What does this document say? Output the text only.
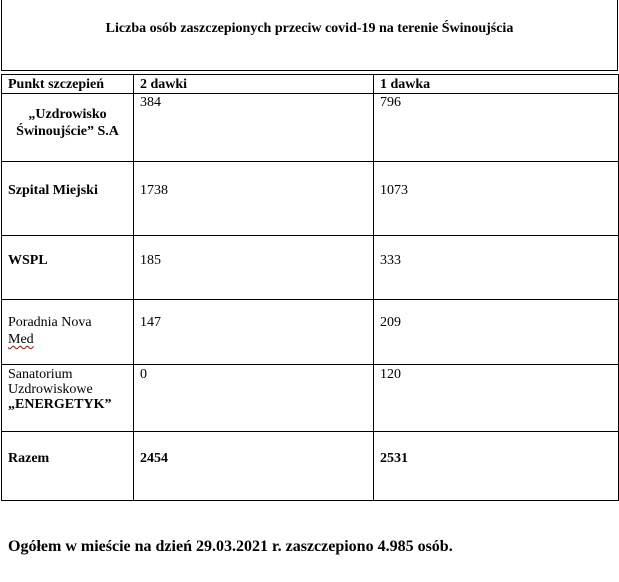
Liczba osób zaszczepionych przeciw covid-19 na terenie Świnoujścia
Punkt szczepień	2 dawki	1 dawka

„Uzdrowisko
Świnoujście” S.A	384	796

Szpital Miejski	1738	1073

WSPL	185	333

Poradnia Nova
Med	147	209

Sanatorium
Uzdrowiskowe
„ENERGETYK”	0	120

Razem	2454	2531
Ogółem w mieście na dzień 29.03.2021 r. zaszczepiono 4.985 osób.
